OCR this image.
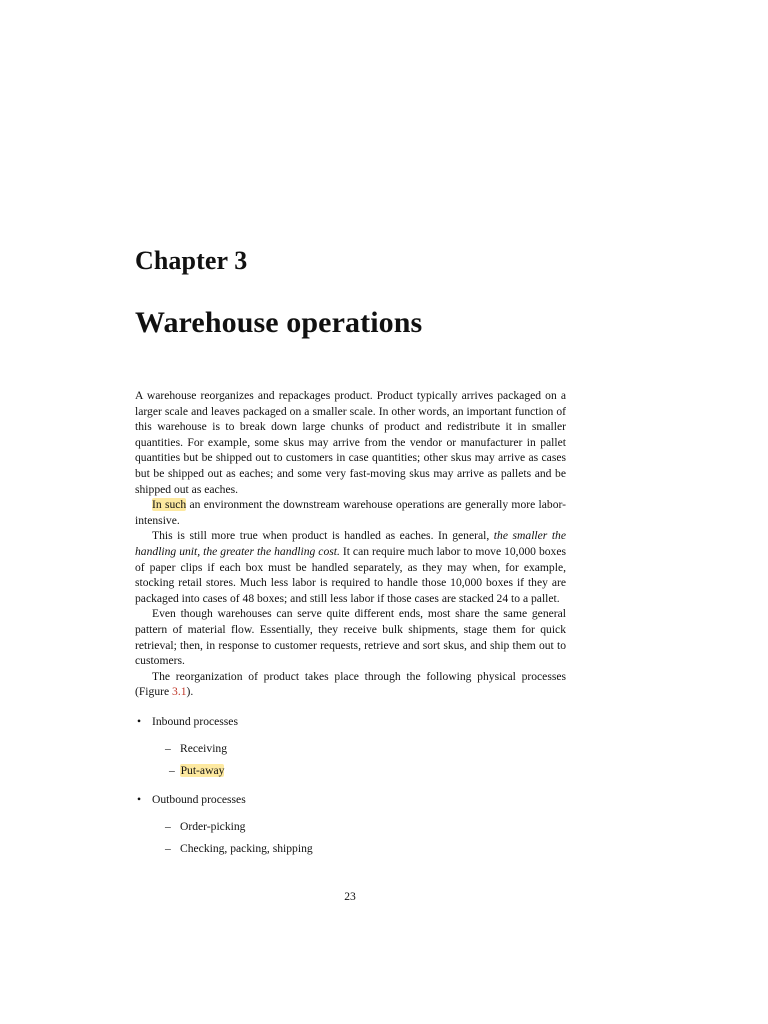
Chapter 3
Warehouse operations

A warehouse reorganizes and repackages product. Product typically arrives packaged on a larger scale and leaves packaged on a smaller scale. In other words, an important function of this warehouse is to break down large chunks of product and redistribute it in smaller quantities. For example, some skus may arrive from the vendor or manufacturer in pallet quantities but be shipped out to customers in case quantities; other skus may arrive as cases but be shipped out as eaches; and some very fast-moving skus may arrive as pallets and be shipped out as eaches.

In such an environment the downstream warehouse operations are generally more labor-intensive.

This is still more true when product is handled as eaches. In general, the smaller the handling unit, the greater the handling cost. It can require much labor to move 10,000 boxes of paper clips if each box must be handled separately, as they may when, for example, stocking retail stores. Much less labor is required to handle those 10,000 boxes if they are packaged into cases of 48 boxes; and still less labor if those cases are stacked 24 to a pallet.

Even though warehouses can serve quite different ends, most share the same general pattern of material flow. Essentially, they receive bulk shipments, stage them for quick retrieval; then, in response to customer requests, retrieve and sort skus, and ship them out to customers.

The reorganization of product takes place through the following physical processes (Figure 3.1).

• Inbound processes
– Receiving
– Put-away
• Outbound processes
– Order-picking
– Checking, packing, shipping
23
